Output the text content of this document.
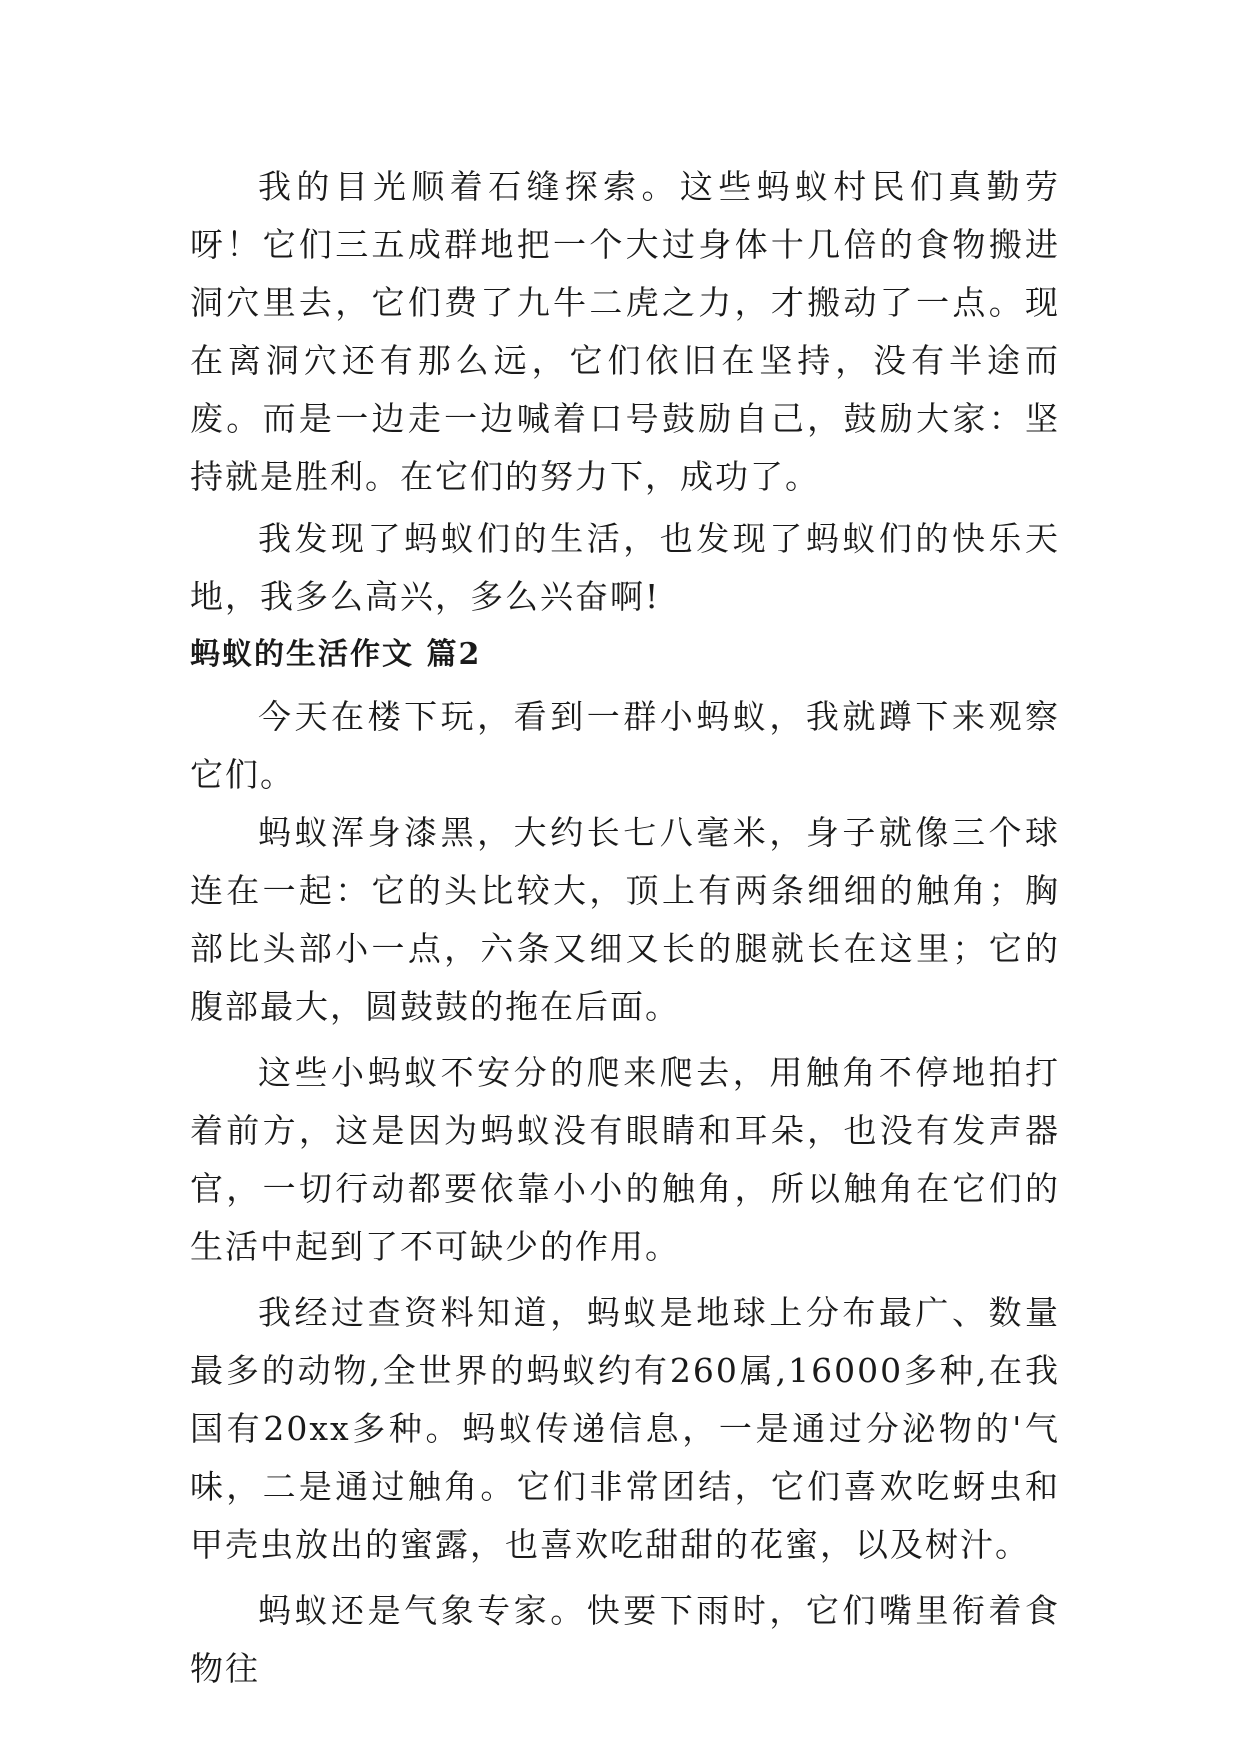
我的目光顺着石缝探索。这些蚂蚁村民们真勤劳呀！它们三五成群地把一个大过身体十几倍的食物搬进洞穴里去，它们费了九牛二虎之力，才搬动了一点。现在离洞穴还有那么远，它们依旧在坚持，没有半途而废。而是一边走一边喊着口号鼓励自己，鼓励大家：坚持就是胜利。在它们的努力下，成功了。

我发现了蚂蚁们的生活，也发现了蚂蚁们的快乐天地，我多么高兴，多么兴奋啊!

蚂蚁的生活作文 篇2

今天在楼下玩，看到一群小蚂蚁，我就蹲下来观察它们。

蚂蚁浑身漆黑，大约长七八毫米，身子就像三个球连在一起：它的头比较大，顶上有两条细细的触角；胸部比头部小一点，六条又细又长的腿就长在这里；它的腹部最大，圆鼓鼓的拖在后面。

这些小蚂蚁不安分的爬来爬去，用触角不停地拍打着前方，这是因为蚂蚁没有眼睛和耳朵，也没有发声器官，一切行动都要依靠小小的触角，所以触角在它们的生活中起到了不可缺少的作用。

我经过查资料知道，蚂蚁是地球上分布最广、数量最多的动物,全世界的蚂蚁约有260属,16000多种,在我国有20xx多种。蚂蚁传递信息，一是通过分泌物的'气味，二是通过触角。它们非常团结，它们喜欢吃蚜虫和甲壳虫放出的蜜露，也喜欢吃甜甜的花蜜，以及树汁。

蚂蚁还是气象专家。快要下雨时，它们嘴里衔着食物往
